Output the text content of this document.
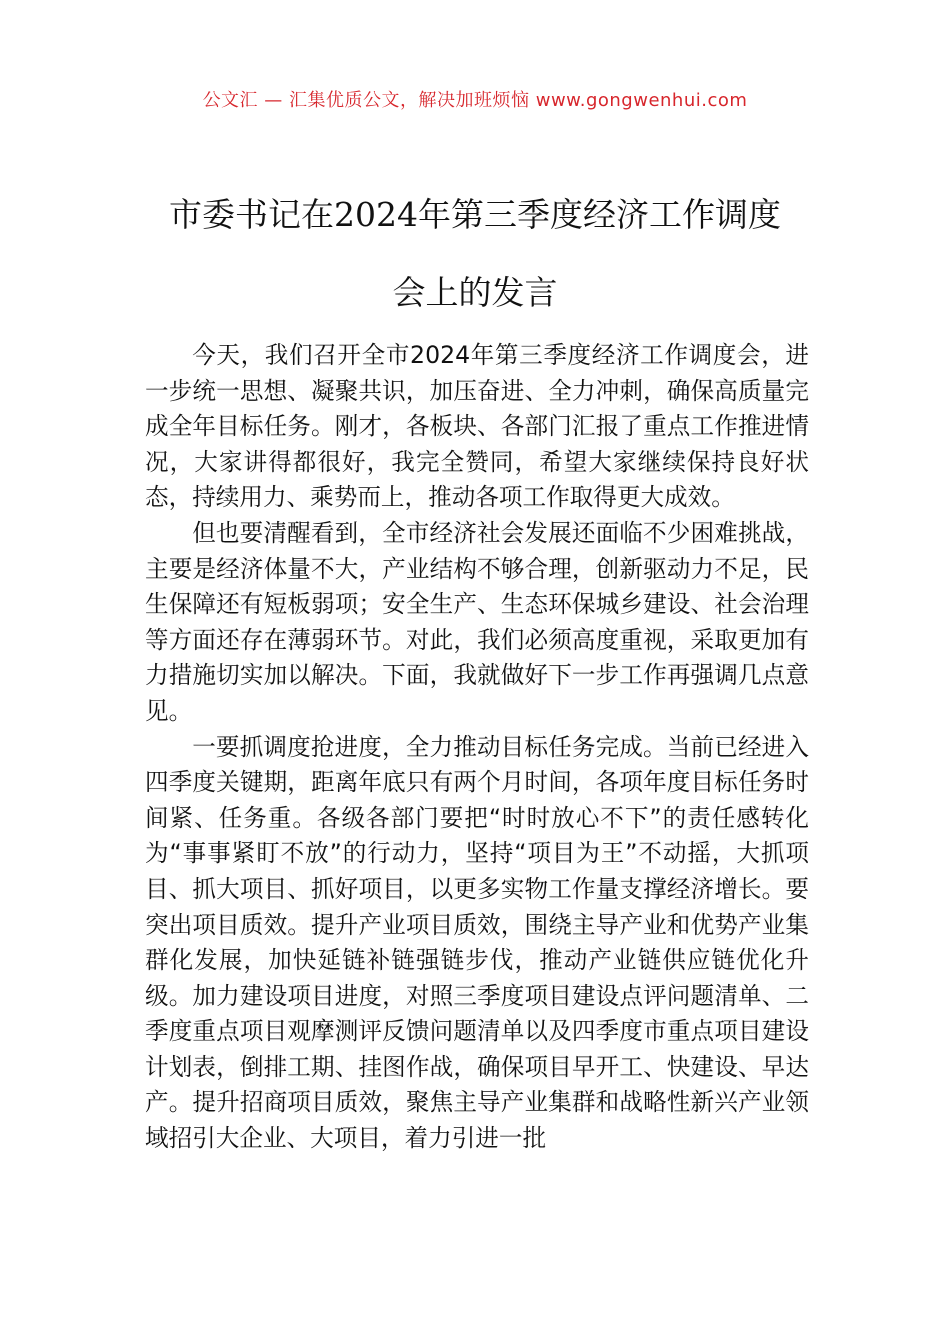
公文汇 — 汇集优质公文，解决加班烦恼 www.gongwenhui.com
市委书记在2024年第三季度经济工作调度
会上的发言

今天，我们召开全市2024年第三季度经济工作调度会，进一步统一思想、凝聚共识，加压奋进、全力冲刺，确保高质量完成全年目标任务。刚才，各板块、各部门汇报了重点工作推进情况，大家讲得都很好，我完全赞同，希望大家继续保持良好状态，持续用力、乘势而上，推动各项工作取得更大成效。

但也要清醒看到，全市经济社会发展还面临不少困难挑战，主要是经济体量不大，产业结构不够合理，创新驱动力不足，民生保障还有短板弱项；安全生产、生态环保城乡建设、社会治理等方面还存在薄弱环节。对此，我们必须高度重视，采取更加有力措施切实加以解决。下面，我就做好下一步工作再强调几点意见。

一要抓调度抢进度，全力推动目标任务完成。当前已经进入四季度关键期，距离年底只有两个月时间，各项年度目标任务时间紧、任务重。各级各部门要把“时时放心不下”的责任感转化为“事事紧盯不放”的行动力，坚持“项目为王”不动摇，大抓项目、抓大项目、抓好项目，以更多实物工作量支撑经济增长。要突出项目质效。提升产业项目质效，围绕主导产业和优势产业集群化发展，加快延链补链强链步伐，推动产业链供应链优化升级。加力建设项目进度，对照三季度项目建设点评问题清单、二季度重点项目观摩测评反馈问题清单以及四季度市重点项目建设计划表，倒排工期、挂图作战，确保项目早开工、快建设、早达产。提升招商项目质效，聚焦主导产业集群和战略性新兴产业领域招引大企业、大项目，着力引进一批
